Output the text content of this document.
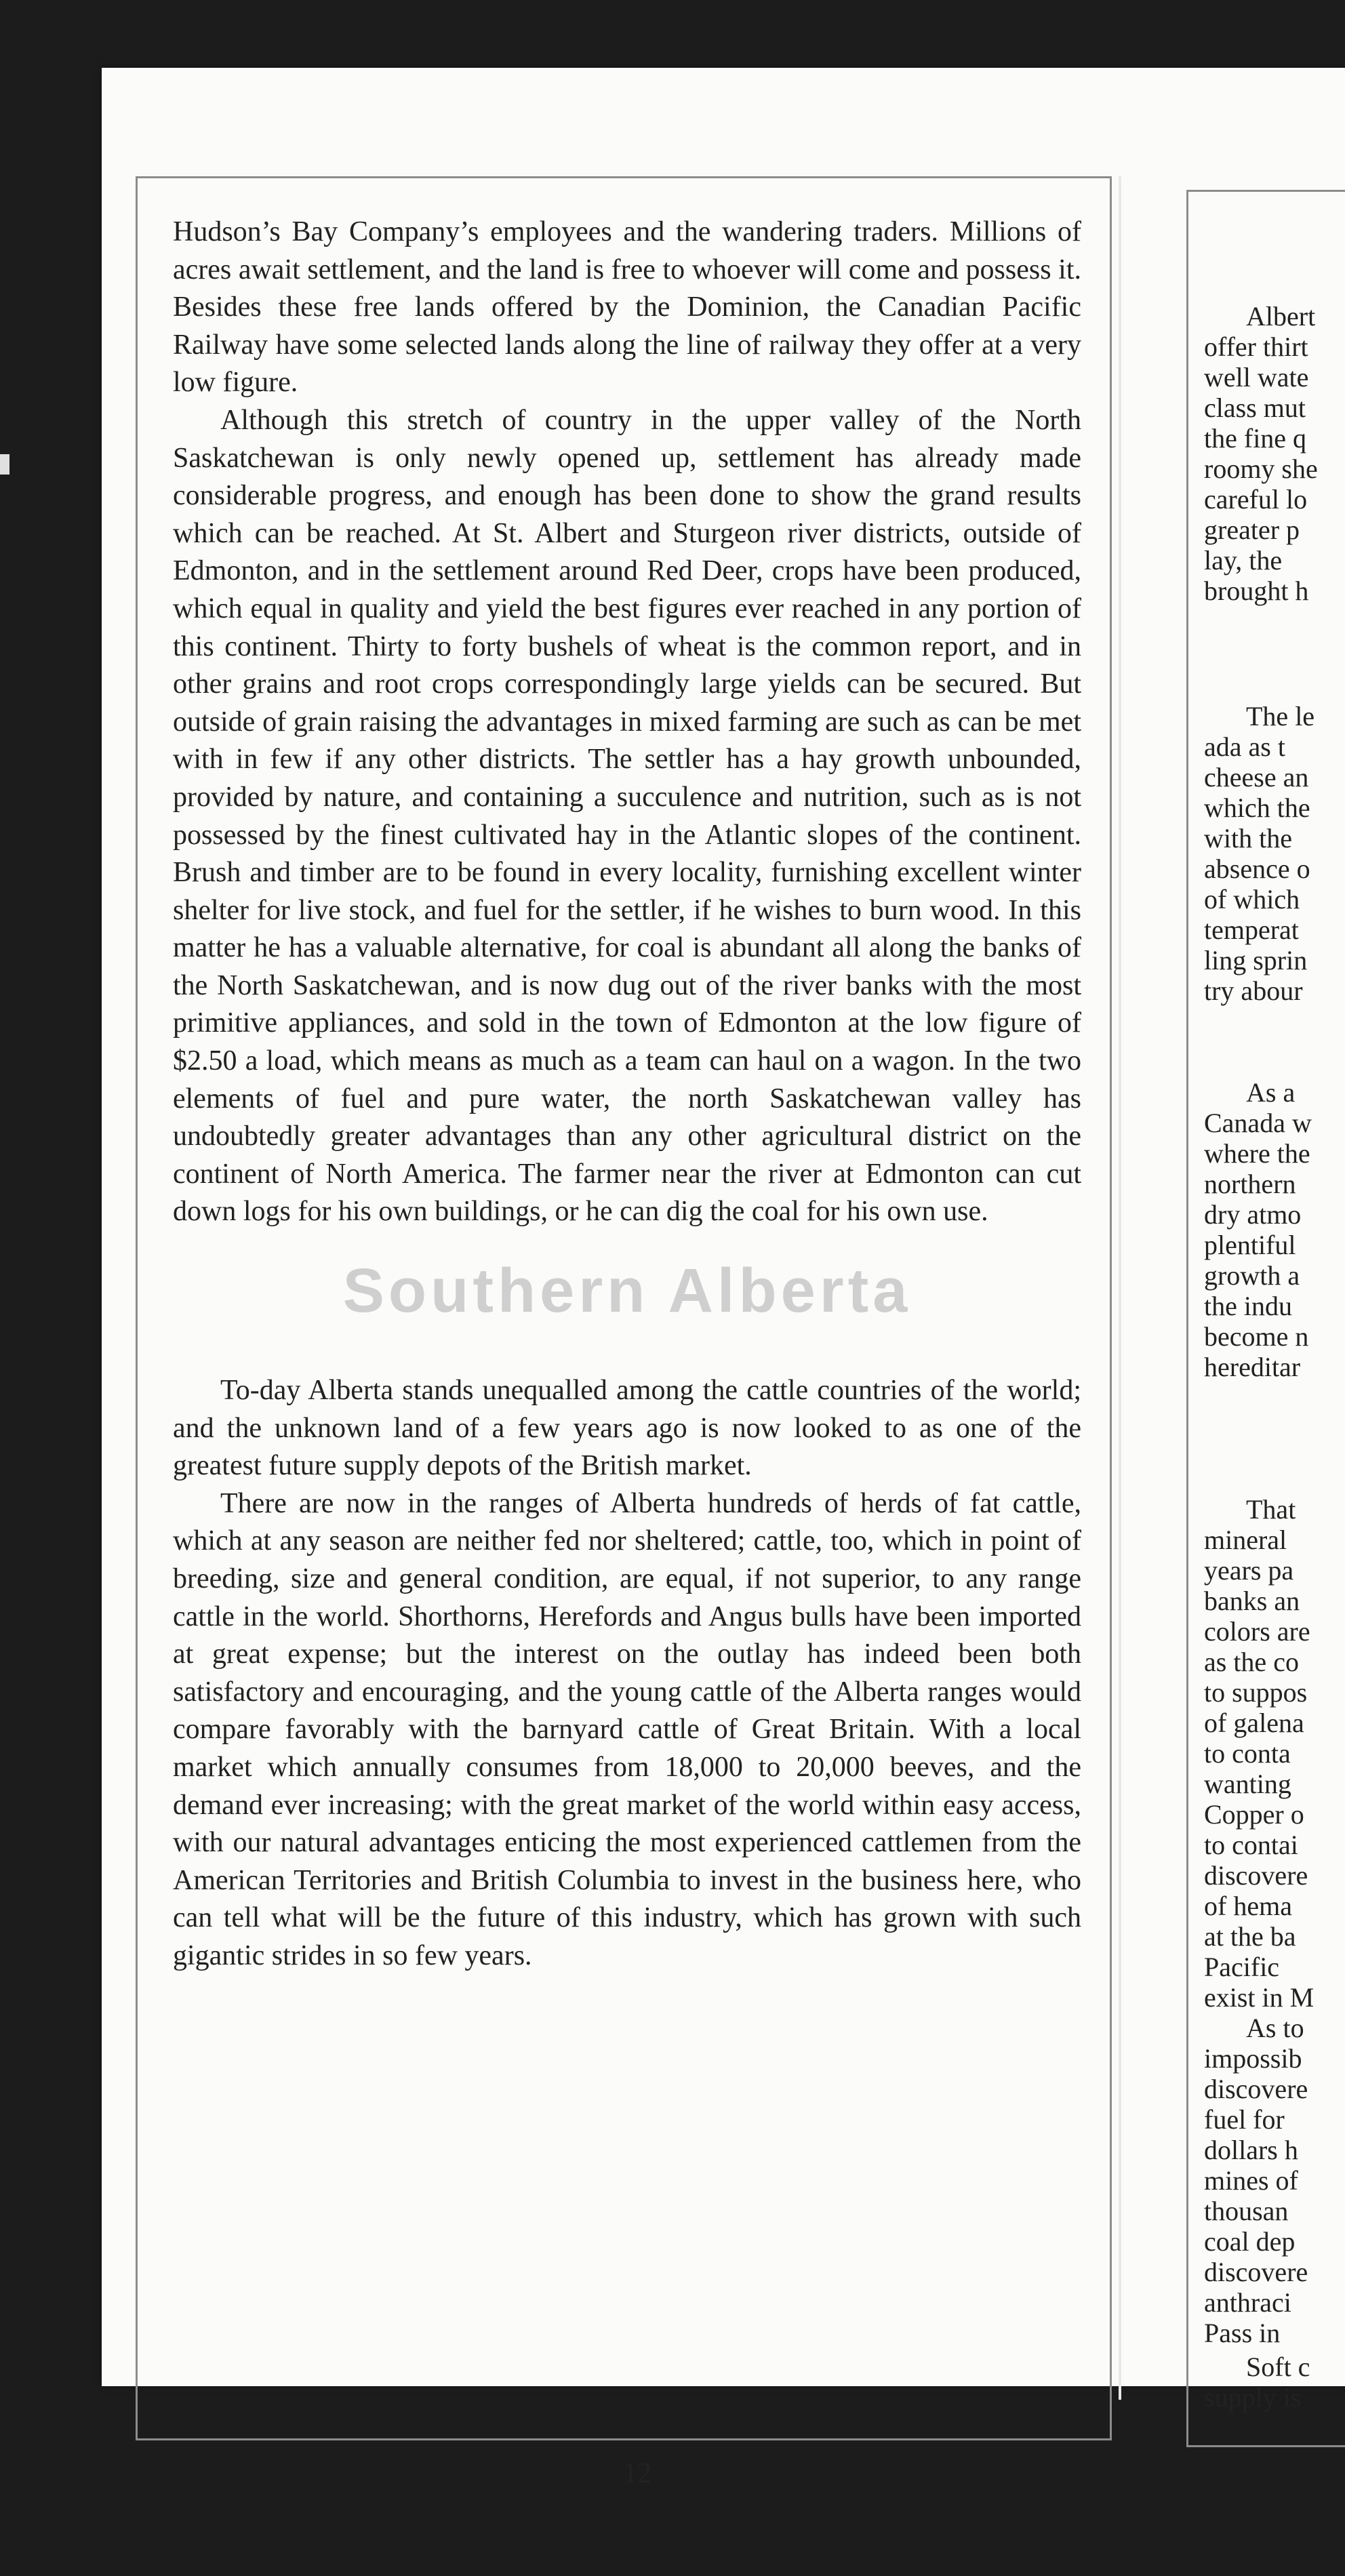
Hudson’s Bay Company’s employees and the wandering traders. Millions of acres await settlement, and the land is free to whoever will come and possess it. Besides these free lands offered by the Dominion, the Canadian Pacific Railway have some selected lands along the line of railway they offer at a very low figure.

Although this stretch of country in the upper valley of the North Saskatchewan is only newly opened up, settlement has already made considerable progress, and enough has been done to show the grand results which can be reached. At St. Albert and Sturgeon river districts, outside of Edmonton, and in the settlement around Red Deer, crops have been produced, which equal in quality and yield the best figures ever reached in any portion of this continent. Thirty to forty bushels of wheat is the common report, and in other grains and root crops correspondingly large yields can be secured. But outside of grain raising the advantages in mixed farming are such as can be met with in few if any other districts. The settler has a hay growth unbounded, provided by nature, and containing a succulence and nutrition, such as is not possessed by the finest cultivated hay in the Atlantic slopes of the continent. Brush and timber are to be found in every locality, furnishing excellent winter shelter for live stock, and fuel for the settler, if he wishes to burn wood. In this matter he has a valuable alternative, for coal is abundant all along the banks of the North Saskatchewan, and is now dug out of the river banks with the most primitive appliances, and sold in the town of Edmonton at the low figure of $2.50 a load, which means as much as a team can haul on a wagon. In the two elements of fuel and pure water, the north Saskatchewan valley has undoubtedly greater advantages than any other agricultural district on the continent of North America. The farmer near the river at Edmonton can cut down logs for his own buildings, or he can dig the coal for his own use.

Southern Alberta

To-day Alberta stands unequalled among the cattle countries of the world; and the unknown land of a few years ago is now looked to as one of the greatest future supply depots of the British market.

There are now in the ranges of Alberta hundreds of herds of fat cattle, which at any season are neither fed nor sheltered; cattle, too, which in point of breeding, size and general condition, are equal, if not superior, to any range cattle in the world. Shorthorns, Herefords and Angus bulls have been imported at great expense; but the interest on the outlay has indeed been both satisfactory and encouraging, and the young cattle of the Alberta ranges would compare favorably with the barnyard cattle of Great Britain. With a local market which annually consumes from 18,000 to 20,000 beeves, and the demand ever increasing; with the great market of the world within easy access, with our natural advantages enticing the most experienced cattlemen from the American Territories and British Columbia to invest in the business here, who can tell what will be the future of this industry, which has grown with such gigantic strides in so few years.

12
Albert
offer thirt
well wate
class mut
the fine q
roomy she
careful lo
greater p
lay, the
brought h
The le
ada as t
cheese an
which the
with the
absence o
of which
temperat
ling sprin
try abour
As a
Canada w
where the
northern
dry atmo
plentiful
growth a
the indu
become n
hereditar
That
mineral
years pa
banks an
colors are
as the co
to suppos
of galena
to conta
wanting
Copper o
to contai
discovere
of hema
at the ba
Pacific
exist in M
As to
impossib
discovere
fuel for
dollars h
mines of
thousan
coal dep
discovere
anthraci
Pass in
Soft c
supply is
